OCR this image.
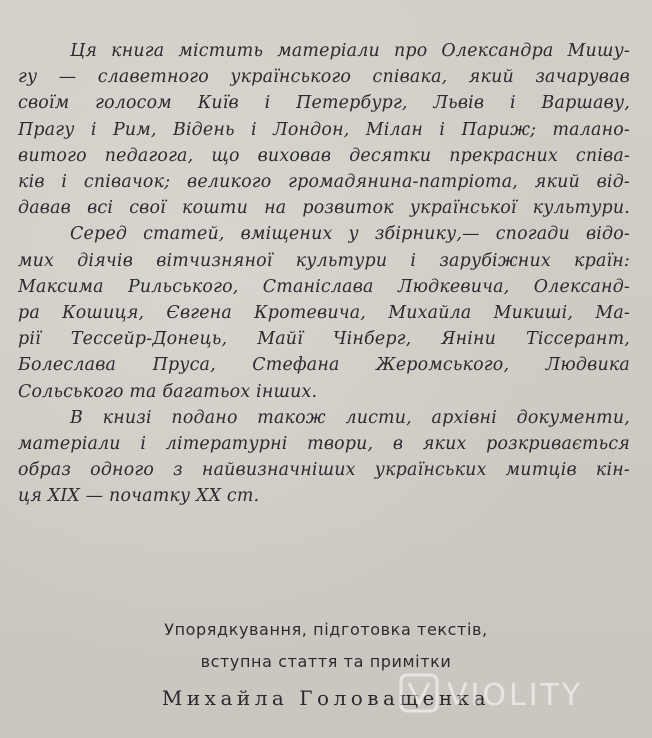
Ця книга містить матеріали про Олександра Мишу-
гу — славетного українського співака, який зачарував
своїм голосом Київ і Петербург, Львів і Варшаву,
Прагу і Рим, Відень і Лондон, Мілан і Париж; талано-
витого педагога, що виховав десятки прекрасних співа-
ків і співачок; великого громадянина-патріота, який від-
давав всі свої кошти на розвиток української культури.

Серед статей, вміщених у збірнику,— спогади відо-
мих діячів вітчизняної культури і зарубіжних країн:
Максима Рильського, Станіслава Людкевича, Олександ-
ра Кошиця, Євгена Кротевича, Михайла Микиші, Ма-
рії Тессейр-Донець, Майї Чінберг, Яніни Тіссерант,
Болеслава Пруса, Стефана Жеромського, Людвика
Сольського та багатьох інших.

В книзі подано також листи, архівні документи,
матеріали і літературні твори, в яких розкривається
образ одного з найвизначніших українських митців кін-
ця XIX — початку XX ст.

Упорядкування, підготовка текстів,
вступна стаття та примітки
Михайла Головащенка
VIOLITY
